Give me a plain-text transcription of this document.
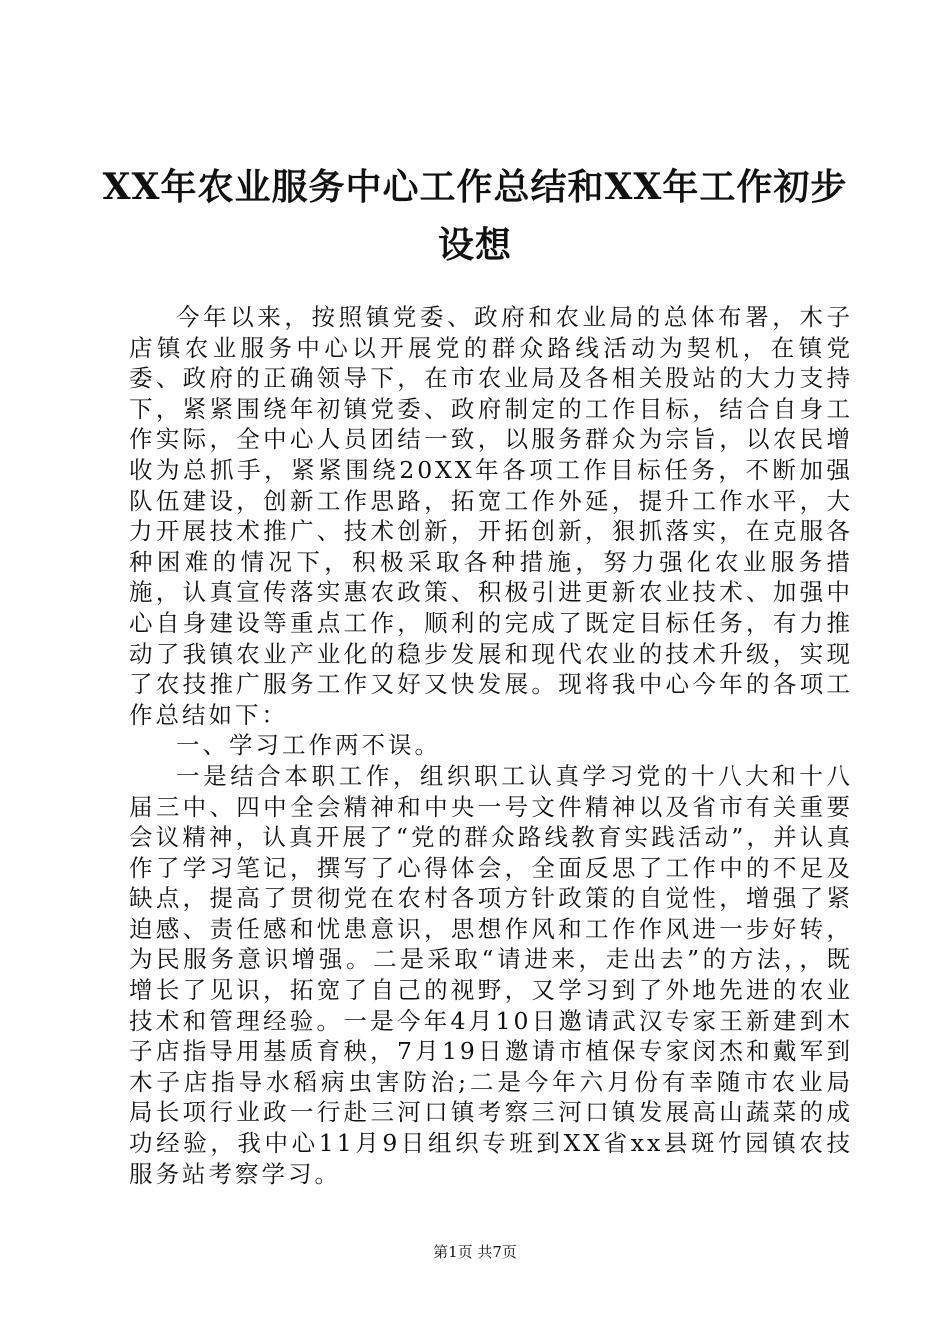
XX年农业服务中心工作总结和XX年工作初步设想

今年以来，按照镇党委、政府和农业局的总体布署，木子店镇农业服务中心以开展党的群众路线活动为契机，在镇党委、政府的正确领导下，在市农业局及各相关股站的大力支持下，紧紧围绕年初镇党委、政府制定的工作目标，结合自身工作实际，全中心人员团结一致，以服务群众为宗旨，以农民增收为总抓手，紧紧围绕20XX年各项工作目标任务，不断加强队伍建设，创新工作思路，拓宽工作外延，提升工作水平，大力开展技术推广、技术创新，开拓创新，狠抓落实，在克服各种困难的情况下，积极采取各种措施，努力强化农业服务措施，认真宣传落实惠农政策、积极引进更新农业技术、加强中心自身建设等重点工作，顺利的完成了既定目标任务，有力推动了我镇农业产业化的稳步发展和现代农业的技术升级，实现了农技推广服务工作又好又快发展。现将我中心今年的各项工作总结如下：

一、学习工作两不误。

一是结合本职工作，组织职工认真学习党的十八大和十八届三中、四中全会精神和中央一号文件精神以及省市有关重要会议精神，认真开展了“党的群众路线教育实践活动”，并认真作了学习笔记，撰写了心得体会，全面反思了工作中的不足及缺点，提高了贯彻党在农村各项方针政策的自觉性，增强了紧迫感、责任感和忧患意识，思想作风和工作作风进一步好转，为民服务意识增强。二是采取“请进来，走出去”的方法，，既增长了见识，拓宽了自己的视野，又学习到了外地先进的农业技术和管理经验。一是今年4月10日邀请武汉专家王新建到木子店指导用基质育秧，7月19日邀请市植保专家闵杰和戴军到木子店指导水稻病虫害防治;二是今年六月份有幸随市农业局局长项行业政一行赴三河口镇考察三河口镇发展高山蔬菜的成功经验，我中心11月9日组织专班到XX省xx县斑竹园镇农技服务站考察学习。

第1页 共7页
